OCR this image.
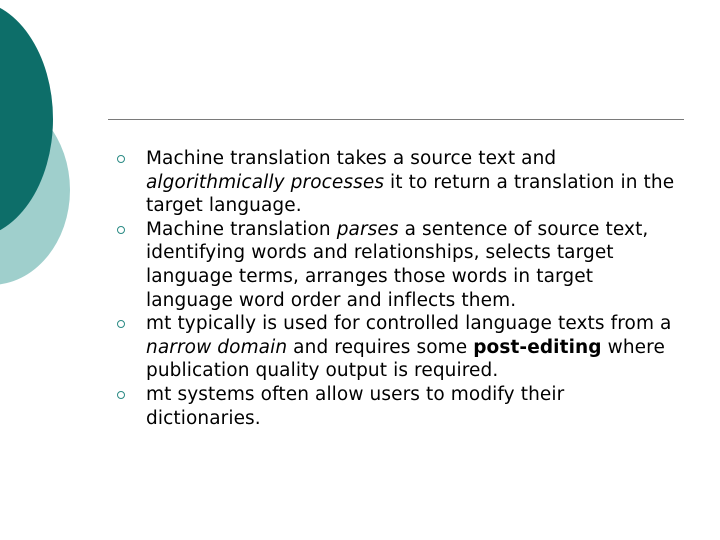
Machine translation takes a source text and algorithmically processes it to return a translation in the target language.
Machine translation parses a sentence of source text, identifying words and relationships, selects target language terms, arranges those words in target language word order and inflects them.
mt typically is used for controlled language texts from a narrow domain and requires some post-editing where publication quality output is required.
mt systems often allow users to modify their dictionaries.
